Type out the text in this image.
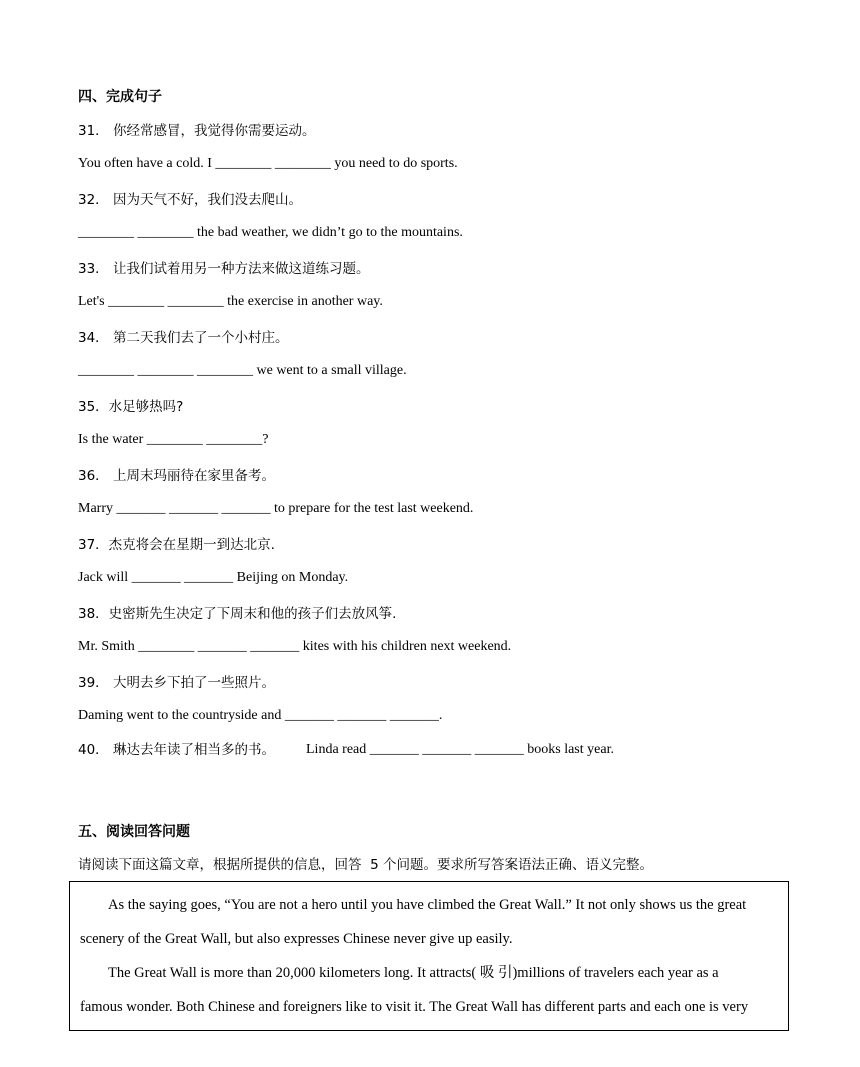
四、完成句子
31． 你经常感冒，我觉得你需要运动。
You often have a cold. I ________ ________ you need to do sports.
32． 因为天气不好，我们没去爬山。
________ ________ the bad weather, we didn’t go to the mountains.
33． 让我们试着用另一种方法来做这道练习题。
Let's ________ ________ the exercise in another way.
34． 第二天我们去了一个小村庄。
________ ________ ________ we went to a small village.
35．水足够热吗?
Is the water ________ ________?
36． 上周末玛丽待在家里备考。
Marry _______ _______ _______ to prepare for the test last weekend.
37．杰克将会在星期一到达北京.
Jack will _______ _______ Beijing on Monday.
38．史密斯先生决定了下周末和他的孩子们去放风筝.
Mr. Smith ________ _______ _______ kites with his children next weekend.
39． 大明去乡下拍了一些照片。
Daming went to the countryside and _______ _______ _______.
40． 琳达去年读了相当多的书。 Linda read _______ _______ _______ books last year.
五、阅读回答问题
请阅读下面这篇文章，根据所提供的信息，回答  5 个问题。要求所写答案语法正确、语义完整。
As the saying goes, “You are not a hero until you have climbed the Great Wall.” It not only shows us the great
scenery of the Great Wall, but also expresses Chinese never give up easily.
The Great Wall is more than 20,000 kilometers long. It attracts( 吸 引)millions of travelers each year as a
famous wonder. Both Chinese and foreigners like to visit it. The Great Wall has different parts and each one is very
